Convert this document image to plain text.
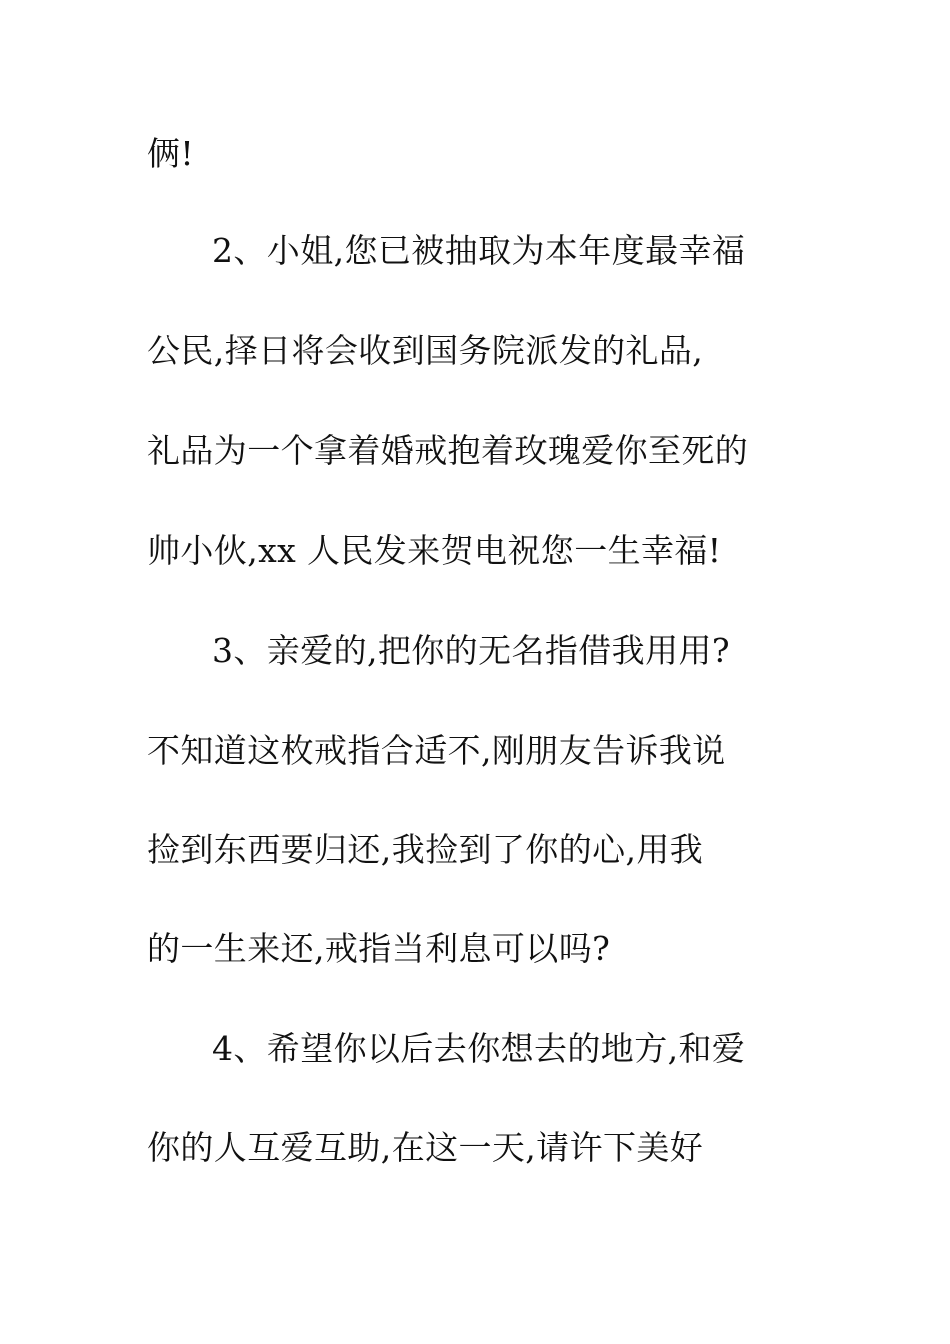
俩!

2、小姐,您已被抽取为本年度最幸福

公民,择日将会收到国务院派发的礼品,

礼品为一个拿着婚戒抱着玫瑰爱你至死的

帅小伙,xx 人民发来贺电祝您一生幸福!

3、亲爱的,把你的无名指借我用用?

不知道这枚戒指合适不,刚朋友告诉我说

捡到东西要归还,我捡到了你的心,用我

的一生来还,戒指当利息可以吗?

4、希望你以后去你想去的地方,和爱

你的人互爱互助,在这一天,请许下美好
